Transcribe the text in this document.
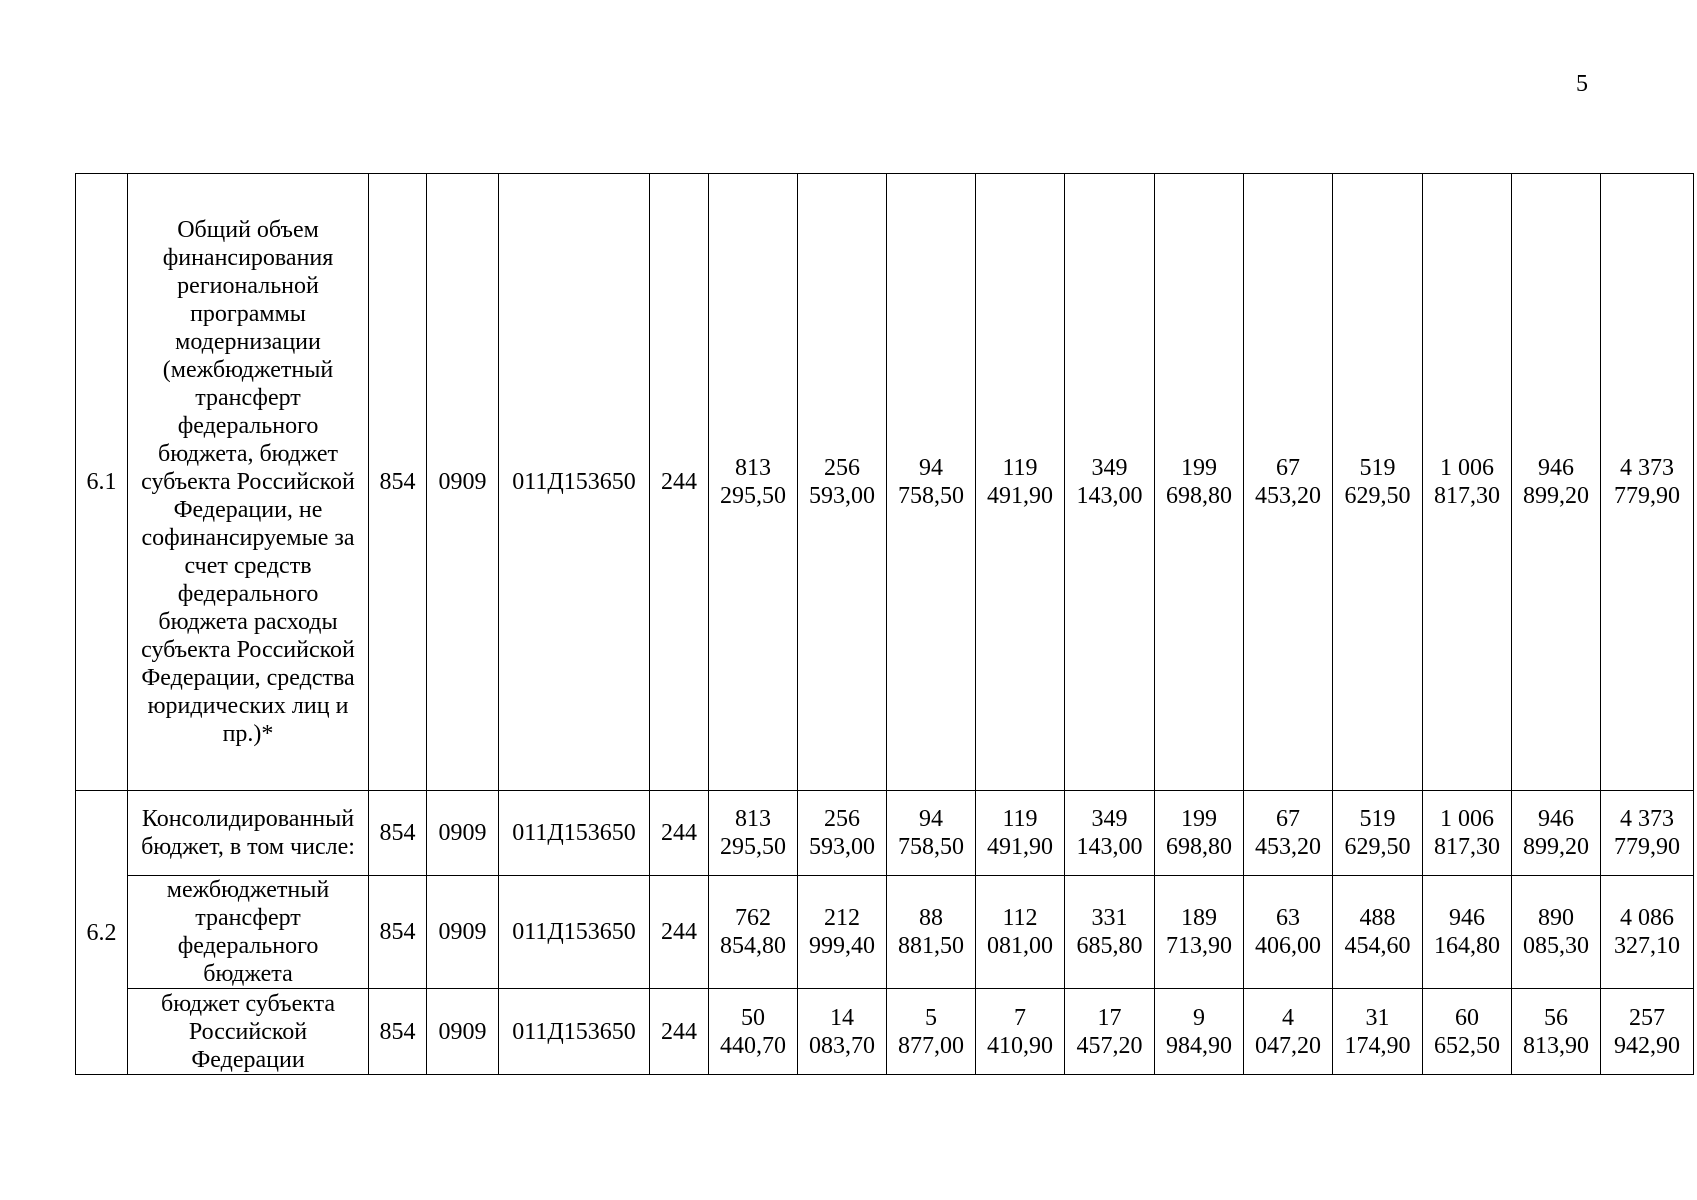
5
6.1	Общий объем финансирования региональной программы модернизации (межбюджетный трансферт федерального бюджета, бюджет субъекта Российской Федерации, не софинансируемые за счет средств федерального бюджета расходы субъекта Российской Федерации, средства юридических лиц и пр.)*	854	0909	011Д153650	244	813 295,50	256 593,00	94 758,50	119 491,90	349 143,00	199 698,80	67 453,20	519 629,50	1 006 817,30	946 899,20	4 373 779,90
6.2	Консолидированный бюджет, в том числе:	854	0909	011Д153650	244	813 295,50	256 593,00	94 758,50	119 491,90	349 143,00	199 698,80	67 453,20	519 629,50	1 006 817,30	946 899,20	4 373 779,90
	межбюджетный трансферт федерального бюджета	854	0909	011Д153650	244	762 854,80	212 999,40	88 881,50	112 081,00	331 685,80	189 713,90	63 406,00	488 454,60	946 164,80	890 085,30	4 086 327,10
	бюджет субъекта Российской Федерации	854	0909	011Д153650	244	50 440,70	14 083,70	5 877,00	7 410,90	17 457,20	9 984,90	4 047,20	31 174,90	60 652,50	56 813,90	257 942,90
